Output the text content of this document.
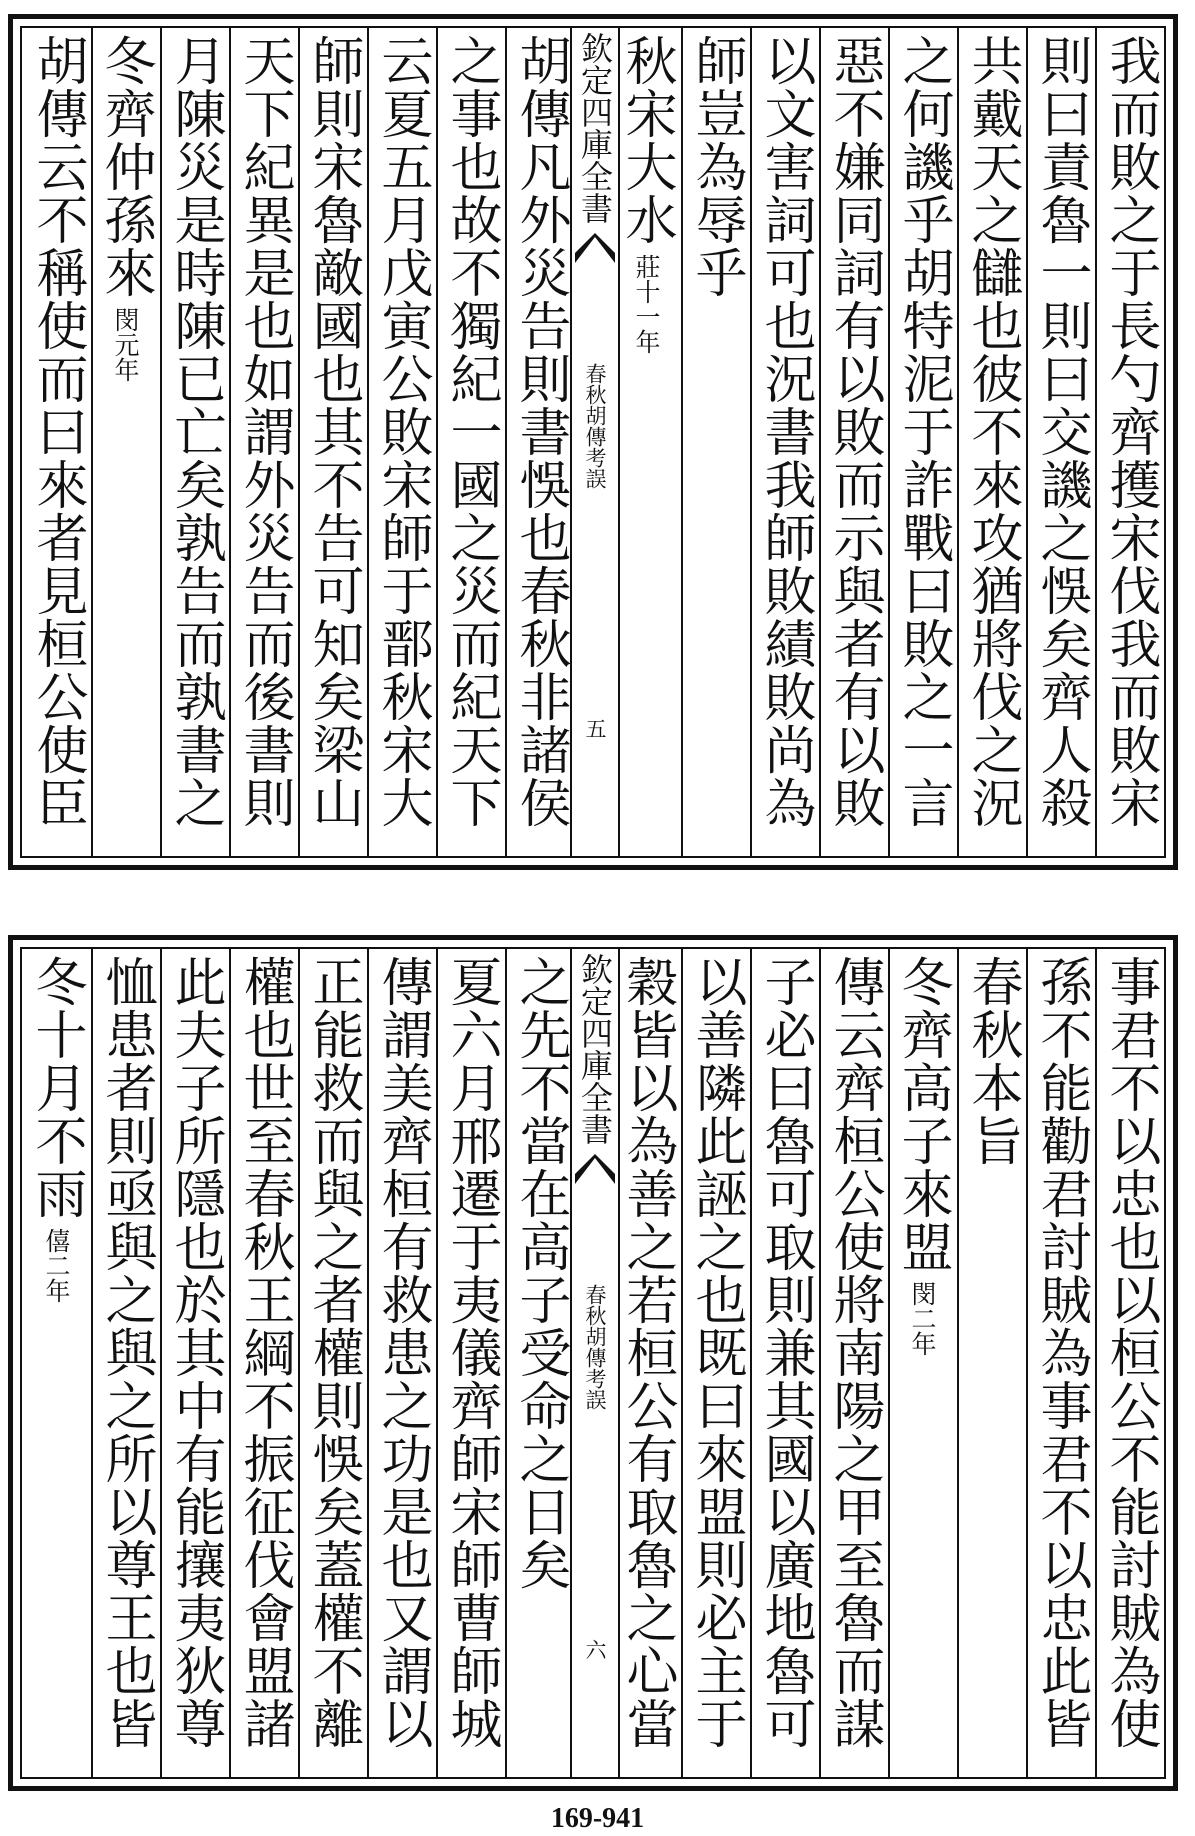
我而敗之于長勺齊擭宋伐我而敗宋
則曰責魯一則曰交譏之悞矣齊人殺
共戴天之讎也彼不來攻猶將伐之況
之何譏乎胡特泥于詐戰曰敗之一言
惡不嫌同詞有以敗而示與者有以敗
以文害詞可也況書我師敗績敗尚為
師豈為辱乎
秋宋大水莊十一年
欽定四庫全書
春秋胡傳考誤
五
胡傳凡外災告則書悞也春秋非諸侯
之事也故不獨紀一國之災而紀天下
云夏五月戊寅公敗宋師于鄑秋宋大
師則宋魯敵國也其不告可知矣梁山
天下紀異是也如謂外災告而後書則
月陳災是時陳已亡矣孰告而孰書之
冬齊仲孫來閔元年
胡傳云不稱使而曰來者見桓公使臣
事君不以忠也以桓公不能討賊為使
孫不能勸君討賊為事君不以忠此皆
春秋本旨
冬齊高子來盟閔二年
傳云齊桓公使將南陽之甲至魯而謀
子必曰魯可取則兼其國以廣地魯可
以善隣此誣之也既曰來盟則必主于
穀皆以為善之若桓公有取魯之心當
欽定四庫全書
春秋胡傳考誤
六
之先不當在高子受命之日矣
夏六月邢遷于夷儀齊師宋師曹師城
傳謂美齊桓有救患之功是也又謂以
正能救而與之者權則悞矣蓋權不離
權也世至春秋王綱不振征伐會盟諸
此夫子所隱也於其中有能攘夷狄尊
恤患者則亟與之與之所以尊王也皆
冬十月不雨僖二年
169-941
